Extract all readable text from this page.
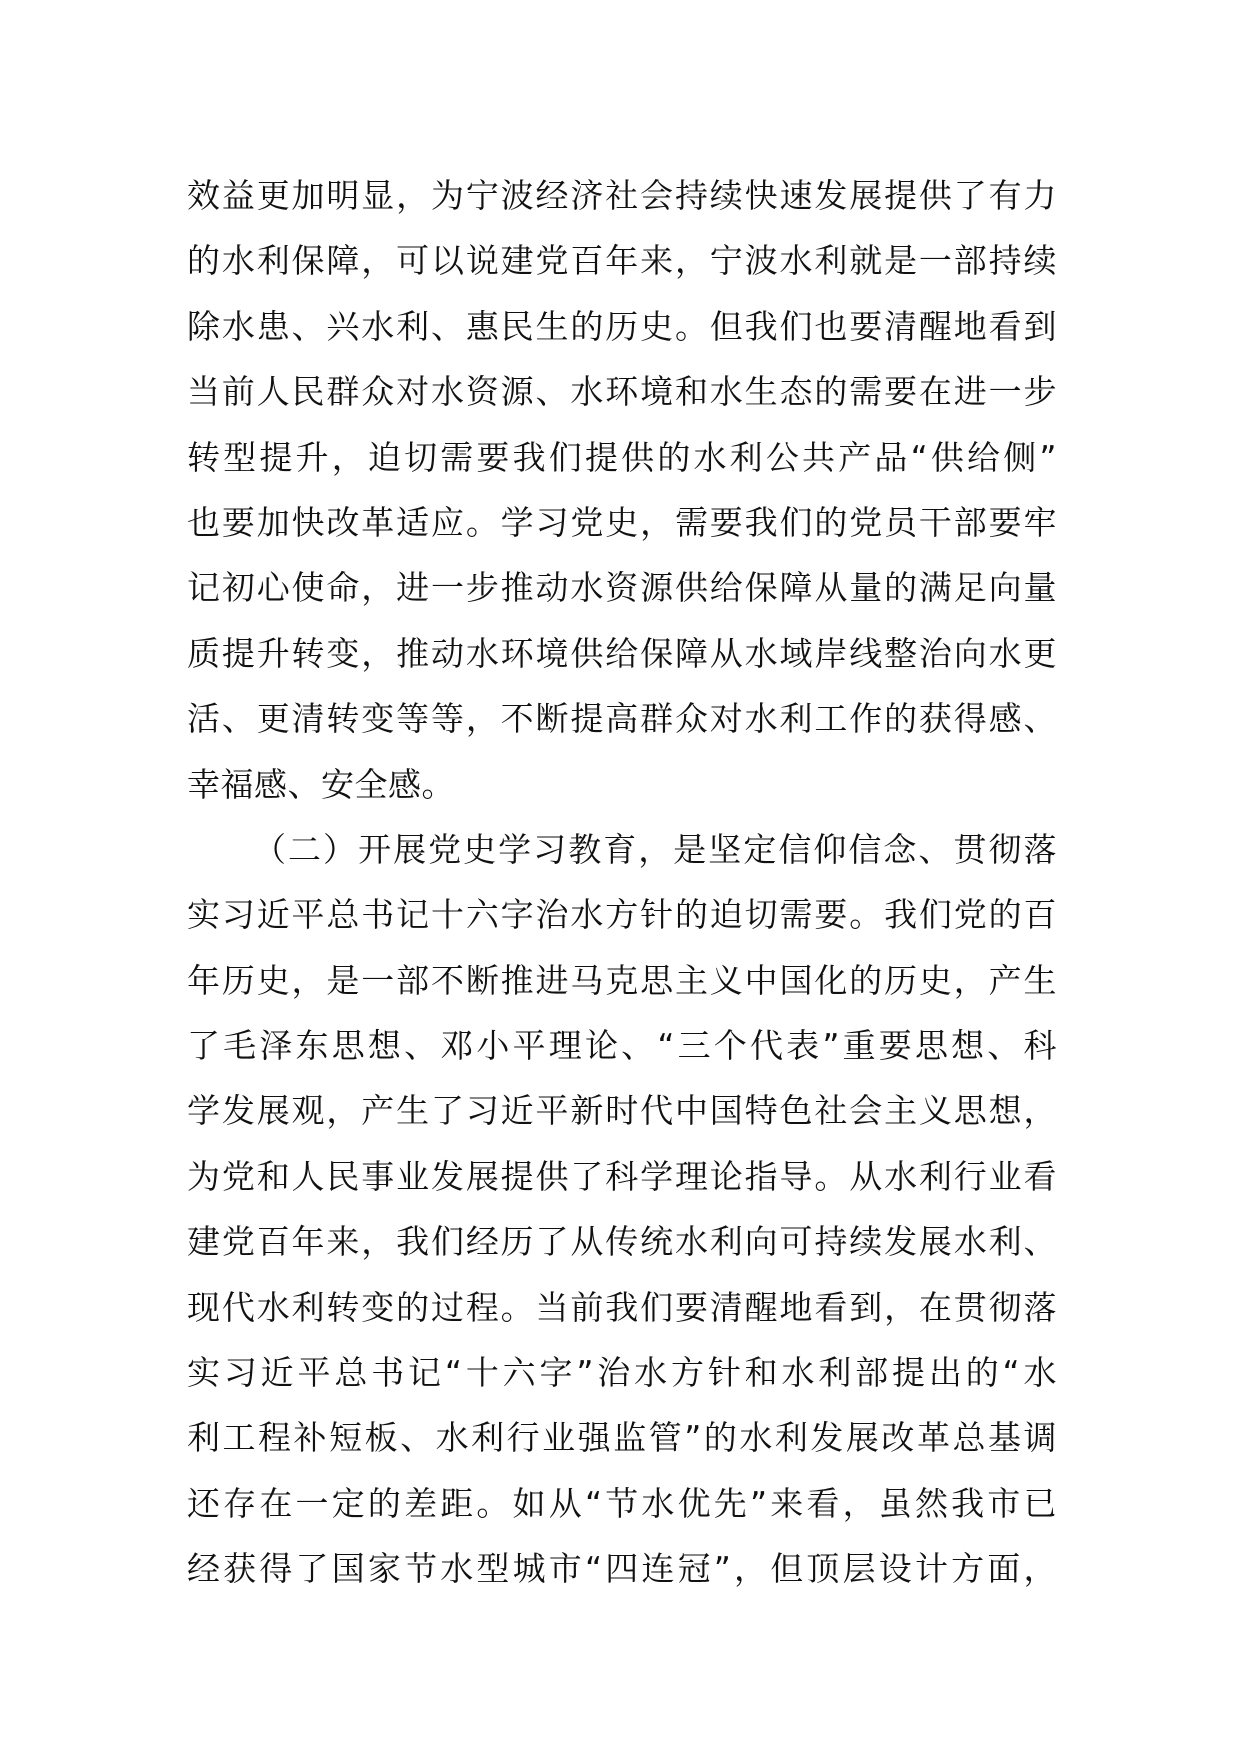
效益更加明显，为宁波经济社会持续快速发展提供了有力
的水利保障，可以说建党百年来，宁波水利就是一部持续
除水患、兴水利、惠民生的历史。但我们也要清醒地看到
当前人民群众对水资源、水环境和水生态的需要在进一步
转型提升，迫切需要我们提供的水利公共产品“供给侧”
也要加快改革适应。学习党史，需要我们的党员干部要牢
记初心使命，进一步推动水资源供给保障从量的满足向量
质提升转变，推动水环境供给保障从水域岸线整治向水更
活、更清转变等等，不断提高群众对水利工作的获得感、
幸福感、安全感。
（二）开展党史学习教育，是坚定信仰信念、贯彻落
实习近平总书记十六字治水方针的迫切需要。我们党的百
年历史，是一部不断推进马克思主义中国化的历史，产生
了毛泽东思想、邓小平理论、“三个代表”重要思想、科
学发展观，产生了习近平新时代中国特色社会主义思想，
为党和人民事业发展提供了科学理论指导。从水利行业看
建党百年来，我们经历了从传统水利向可持续发展水利、
现代水利转变的过程。当前我们要清醒地看到，在贯彻落
实习近平总书记“十六字”治水方针和水利部提出的“水
利工程补短板、水利行业强监管”的水利发展改革总基调
还存在一定的差距。如从“节水优先”来看，虽然我市已
经获得了国家节水型城市“四连冠”，但顶层设计方面，
